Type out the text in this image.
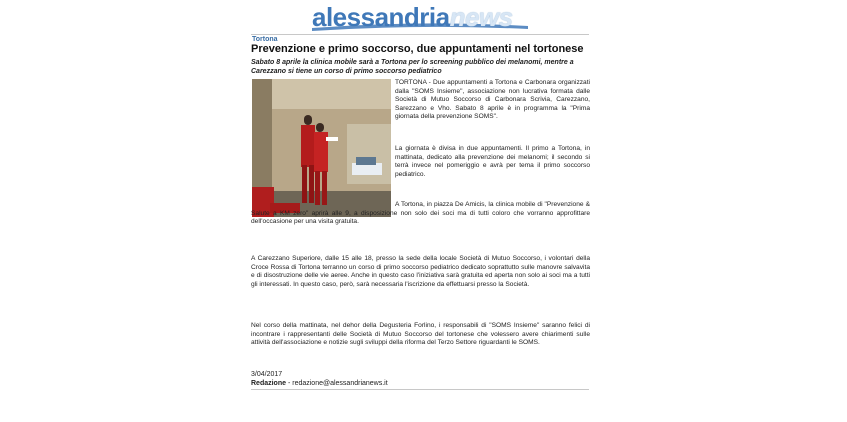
alessandrianews
Tortona
Prevenzione e primo soccorso, due appuntamenti nel tortonese
Sabato 8 aprile la clinica mobile sarà a Tortona per lo screening pubblico dei melanomi, mentre a Carezzano si tiene un corso di primo soccorso pediatrico

TORTONA - Due appuntamenti a Tortona e Carbonara organizzati dalla "SOMS Insieme", associazione non lucrativa formata dalle Società di Mutuo Soccorso di Carbonara Scrivia, Carezzano, Sarezzano e Vho. Sabato 8 aprile è in programma la "Prima giornata della prevenzione SOMS".

La giornata è divisa in due appuntamenti. Il primo a Tortona, in mattinata, dedicato alla prevenzione dei melanomi; il secondo si terrà invece nel pomeriggio e avrà per tema il primo soccorso pediatrico.

A Tortona, in piazza De Amicis, la clinica mobile di "Prevenzione & Salute a KM zero" aprirà alle 9, a disposizione non solo dei soci ma di tutti coloro che vorranno approfittare dell'occasione per una visita gratuita.

A Carezzano Superiore, dalle 15 alle 18, presso la sede della locale Società di Mutuo Soccorso, i volontari della Croce Rossa di Tortona terranno un corso di primo soccorso pediatrico dedicato soprattutto sulle manovre salvavita e di disostruzione delle vie aeree. Anche in questo caso l'iniziativa sarà gratuita ed aperta non solo ai soci ma a tutti gli interessati. In questo caso, però, sarà necessaria l'iscrizione da effettuarsi presso la Società.

Nel corso della mattinata, nel dehor della Degusteria Forlino, i responsabili di "SOMS Insieme" saranno felici di incontrare i rappresentanti delle Società di Mutuo Soccorso del tortonese che volessero avere chiarimenti sulle attività dell'associazione e notizie sugli sviluppi della riforma del Terzo Settore riguardanti le SOMS.

3/04/2017
Redazione - redazione@alessandrianews.it
